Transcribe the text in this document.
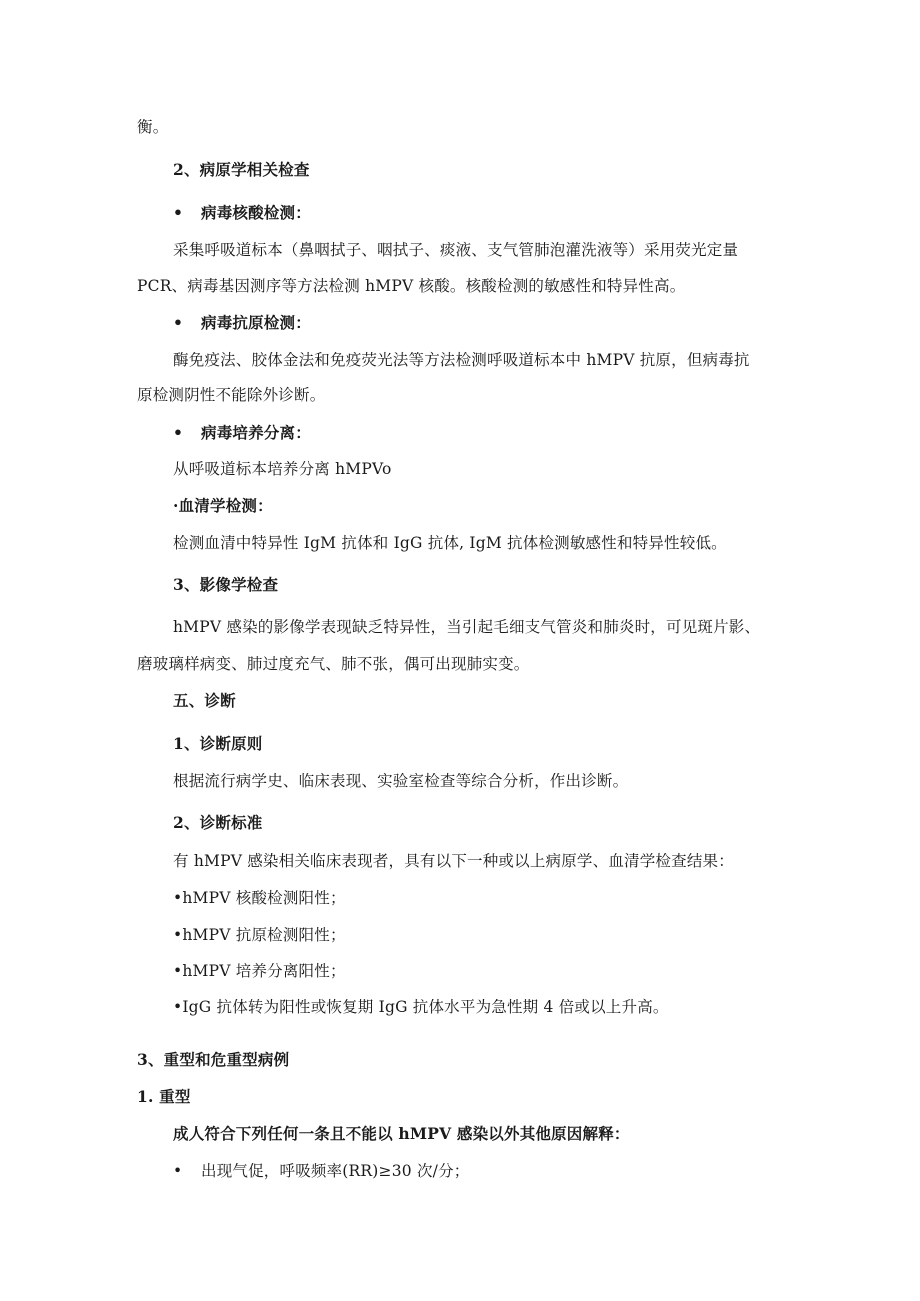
衡。
2、病原学相关检查
• 病毒核酸检测：
采集呼吸道标本（鼻咽拭子、咽拭子、痰液、支气管肺泡灌洗液等）采用荧光定量
PCR、病毒基因测序等方法检测 hMPV 核酸。核酸检测的敏感性和特异性高。
• 病毒抗原检测：
酶免疫法、胶体金法和免疫荧光法等方法检测呼吸道标本中 hMPV 抗原，但病毒抗
原检测阴性不能除外诊断。
• 病毒培养分离：
从呼吸道标本培养分离 hMPVo
·血清学检测：
检测血清中特异性 IgM 抗体和 IgG 抗体, IgM 抗体检测敏感性和特异性较低。
3、影像学检查
hMPV 感染的影像学表现缺乏特异性，当引起毛细支气管炎和肺炎时，可见斑片影、
磨玻璃样病变、肺过度充气、肺不张，偶可出现肺实变。
五、诊断
1、诊断原则
根据流行病学史、临床表现、实验室检查等综合分析，作出诊断。
2、诊断标准
有 hMPV 感染相关临床表现者，具有以下一种或以上病原学、血清学检查结果：
•hMPV 核酸检测阳性；
•hMPV 抗原检测阳性；
•hMPV 培养分离阳性；
•IgG 抗体转为阳性或恢复期 IgG 抗体水平为急性期 4 倍或以上升高。
3、重型和危重型病例
1. 重型
成人符合下列任何一条且不能以 hMPV 感染以外其他原因解释：
• 出现气促，呼吸频率(RR)≥30 次/分；
